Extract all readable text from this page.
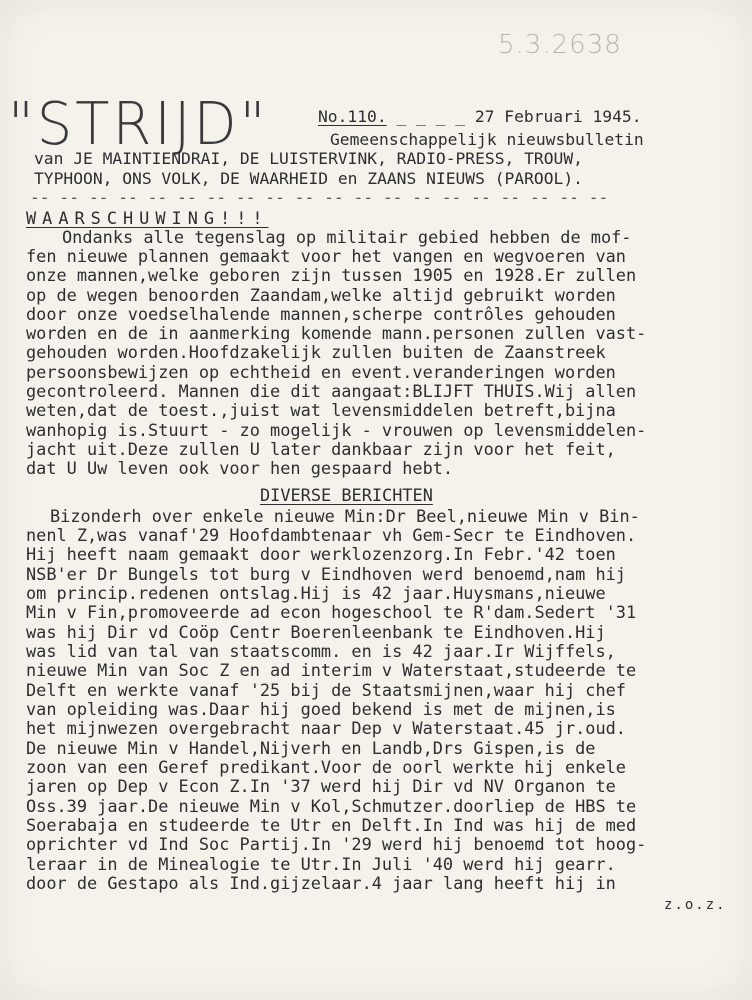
5.3.2638
"STRIJD"	No.110. _ _ _ _ 27 Februari 1945.
Gemeenschappelijk nieuwsbulletin
van JE MAINTIENDRAI, DE LUISTERVINK, RADIO-PRESS, TROUW,
TYPHOON, ONS VOLK, DE WAARHEID en ZAANS NIEUWS (PAROOL).
-- -- -- -- -- -- -- -- -- -- -- -- -- -- -- -- -- -- -- --
WAARSCHUWING!!!
Ondanks alle tegenslag op militair gebied hebben de mof-
fen nieuwe plannen gemaakt voor het vangen en wegvoeren van
onze mannen,welke geboren zijn tussen 1905 en 1928.Er zullen
op de wegen benoorden Zaandam,welke altijd gebruikt worden
door onze voedselhalende mannen,scherpe contrôles gehouden
worden en de in aanmerking komende mann.personen zullen vast-
gehouden worden.Hoofdzakelijk zullen buiten de Zaanstreek
persoonsbewijzen op echtheid en event.veranderingen worden
gecontroleerd. Mannen die dit aangaat:BLIJFT THUIS.Wij allen
weten,dat de toest.,juist wat levensmiddelen betreft,bijna
wanhopig is.Stuurt - zo mogelijk - vrouwen op levensmiddelen-
jacht uit.Deze zullen U later dankbaar zijn voor het feit,
dat U Uw leven ook voor hen gespaard hebt.
DIVERSE BERICHTEN
Bizonderh over enkele nieuwe Min:Dr Beel,nieuwe Min v Bin-
nenl Z,was vanaf'29 Hoofdambtenaar vh Gem-Secr te Eindhoven.
Hij heeft naam gemaakt door werklozenzorg.In Febr.'42 toen
NSB'er Dr Bungels tot burg v Eindhoven werd benoemd,nam hij
om princip.redenen ontslag.Hij is 42 jaar.Huysmans,nieuwe
Min v Fin,promoveerde ad econ hogeschool te R'dam.Sedert '31
was hij Dir vd Coöp Centr Boerenleenbank te Eindhoven.Hij
was lid van tal van staatscomm. en is 42 jaar.Ir Wijffels,
nieuwe Min van Soc Z en ad interim v Waterstaat,studeerde te
Delft en werkte vanaf '25 bij de Staatsmijnen,waar hij chef
van opleiding was.Daar hij goed bekend is met de mijnen,is
het mijnwezen overgebracht naar Dep v Waterstaat.45 jr.oud.
De nieuwe Min v Handel,Nijverh en Landb,Drs Gispen,is de
zoon van een Geref predikant.Voor de oorl werkte hij enkele
jaren op Dep v Econ Z.In '37 werd hij Dir vd NV Organon te
Oss.39 jaar.De nieuwe Min v Kol,Schmutzer.doorliep de HBS te
Soerabaja en studeerde te Utr en Delft.In Ind was hij de med
oprichter vd Ind Soc Partij.In '29 werd hij benoemd tot hoog-
leraar in de Minealogie te Utr.In Juli '40 werd hij gearr.
door de Gestapo als Ind.gijzelaar.4 jaar lang heeft hij in
z.o.z.
